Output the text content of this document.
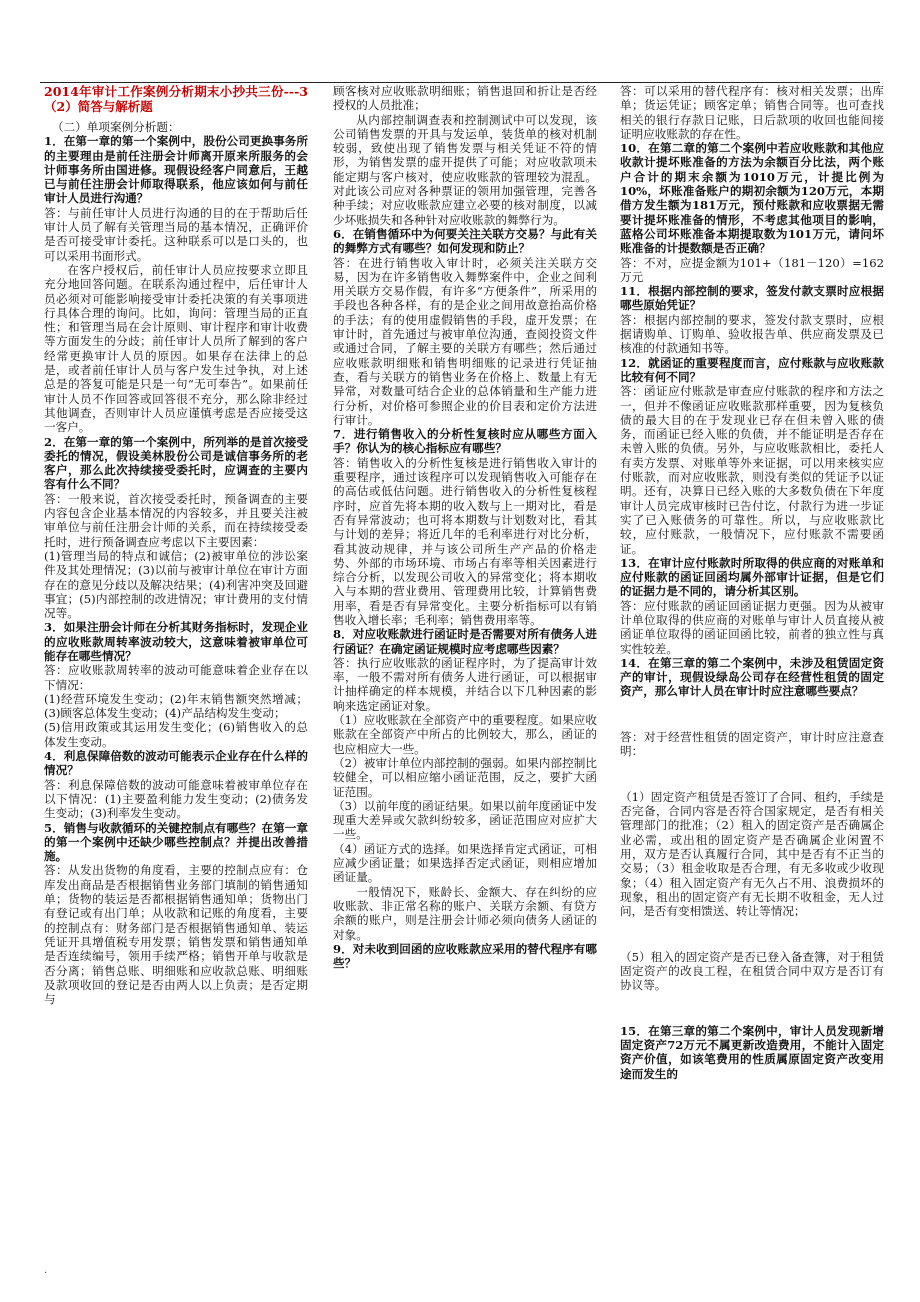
2014年审计工作案例分析期末小抄共三份---3（2）简答与解析题
（二）单项案例分析题：

1．在第一章的第一个案例中，股份公司更换事务所的主要理由是前任注册会计师离开原来所服务的会计师事务所由国进修。现假设经客户同意后，王越已与前任注册会计师取得联系，他应该如何与前任审计人员进行沟通？

答：与前任审计人员进行沟通的目的在于帮助后任审计人员了解有关管理当局的基本情况，正确评价是否可接受审计委托。这种联系可以是口头的，也可以采用书面形式。

在客户授权后，前任审计人员应按要求立即且充分地回答问题。在联系沟通过程中，后任审计人员必须对可能影响接受审计委托决策的有关事项进行具体合理的询问。比如，询问：管理当局的正直性；和管理当局在会计原则、审计程序和审计收费等方面发生的分歧；前任审计人员所了解到的客户经常更换审计人员的原因。如果存在法律上的总是，或者前任审计人员与客户发生过争执，对上述总是的答复可能是只是一句“无可奉告”。如果前任审计人员不作回答或回答很不充分，那么除非经过其他调查，否则审计人员应谨慎考虑是否应接受这一客户。

2．在第一章的第一个案例中，所列举的是首次接受委托的情况，假设美林股份公司是诚信事务所的老客户，那么此次持续接受委托时，应调查的主要内容有什么不同？

答：一般来说，首次接受委托时，预备调查的主要内容包含企业基本情况的内容较多，并且要关注被审单位与前任注册会计师的关系，而在持续接受委托时，进行预备调查应考虑以下主要因素：

(1)管理当局的特点和诚信；(2)被审单位的涉讼案件及其处理情况；(3)以前与被审计单位在审计方面存在的意见分歧以及解决结果；(4)利害冲突及回避事宜；(5)内部控制的改进情况；审计费用的支付情况等。

3．如果注册会计师在分析其财务指标时，发现企业的应收账款周转率波动较大，这意味着被审单位可能存在哪些情况？

答：应收账款周转率的波动可能意味着企业存在以下情况：

(1)经营环境发生变动；(2)年末销售额突然增减；(3)顾客总体发生变动；(4)产品结构发生变动；

(5)信用政策或其运用发生变化；(6)销售收入的总体发生变动。

4．利息保障倍数的波动可能表示企业存在什么样的情况？

答：利息保障倍数的波动可能意味着被审单位存在以下情况：(1)主要盈利能力发生变动；(2)债务发生变动；(3)利率发生变动。

5．销售与收款循环的关键控制点有哪些？在第一章的第一个案例中还缺少哪些控制点？并提出改善措施。

答：从发出货物的角度看，主要的控制点应有：仓库发出商品是否根据销售业务部门填制的销售通知单；货物的装运是否都根据销售通知单；货物出门有登记或有出门单；从收款和记账的角度看，主要的控制点有：财务部门是否根据销售通知单、装运凭证开具增值税专用发票；销售发票和销售通知单是否连续编号，领用手续严格；销售开单与收款是否分离；销售总账、明细账和应收款总账、明细账及款项收回的登记是否由两人以上负责；是否定期与

顾客核对应收账款明细账；销售退回和折让是否经授权的人员批准；

从内部控制调查表和控制测试中可以发现，该公司销售发票的开具与发运单，装货单的核对机制较弱，致使出现了销售发票与相关凭证不符的情形，为销售发票的虚开提供了可能；对应收款项未能定期与客户核对，使应收账款的管理较为混乱。对此该公司应对各种票证的领用加强管理，完善各种手续；对应收账款应建立必要的核对制度，以减少坏账损失和各种针对应收账款的舞弊行为。

6．在销售循环中为何要关注关联方交易？与此有关的舞弊方式有哪些？如何发现和防止？

答：在进行销售收入审计时，必须关注关联方交易，因为在许多销售收入舞弊案件中，企业之间利用关联方交易作假，有许多“方便条件”，所采用的手段也各种各样，有的是企业之间用故意抬高价格的手法；有的使用虚假销售的手段，虚开发票；在审计时，首先通过与被审单位沟通，查阅投资文件或通过合同，了解主要的关联方有哪些；然后通过应收账款明细账和销售明细账的记录进行凭证抽查，看与关联方的销售业务在价格上、数量上有无异常，对数量可结合企业的总体销量和生产能力进行分析，对价格可参照企业的价目表和定价方法进行审计。

7．进行销售收入的分析性复核时应从哪些方面入手？你认为的核心指标应有哪些？

答：销售收入的分析性复核是进行销售收入审计的重要程序，通过该程序可以发现销售收入可能存在的高估或低估问题。进行销售收入的分析性复核程序时，应首先将本期的收入数与上一期对比，看是否有异常波动；也可将本期数与计划数对比，看其与计划的差异；将近几年的毛利率进行对比分析，看其波动规律，并与该公司所生产产品的价格走势、外部的市场环境、市场占有率等相关因素进行综合分析，以发现公司收入的异常变化；将本期收入与本期的营业费用、管理费用比较，计算销售费用率，看是否有异常变化。主要分析指标可以有销售收入增长率；毛利率；销售费用率等。

8．对应收账款进行函证时是否需要对所有债务人进行函证？在确定函证规模时应考虑哪些因素？

答：执行应收账款的函证程序时，为了提高审计效率，一般不需对所有债务人进行函证，可以根据审计抽样确定的样本规模，并结合以下几种因素的影响来选定函证对象。

（1）应收账款在全部资产中的重要程度。如果应收账款在全部资产中所占的比例较大，那么，函证的也应相应大一些。

（2）被审计单位内部控制的强弱。如果内部控制比较健全，可以相应缩小函证范围，反之，要扩大函证范围。

（3）以前年度的函证结果。如果以前年度函证中发现重大差异或欠款纠纷较多，函证范围应对应扩大一些。

（4）函证方式的选择。如果选择肯定式函证，可相应减少函证量；如果选择否定式函证，则相应增加函证量。

一般情况下，账龄长、金额大、存在纠纷的应收账款、非正常名称的账户、关联方余额、有贷方余额的账户，则是注册会计师必须向债务人函证的对象。

9．对未收到回函的应收账款应采用的替代程序有哪些？

答：可以采用的替代程序有：核对相关发票；出库单；货运凭证；顾客定单；销售合同等。也可查找相关的银行存款日记账，日后款项的收回也能间接证明应收账款的存在性。

10．在第二章的第二个案例中若应收账款和其他应收款计提坏账准备的方法为余额百分比法，两个账户合计的期末余额为1010万元，计提比例为10%，坏账准备账户的期初余额为120万元，本期借方发生额为181万元，预付账款和应收票据无需要计提坏账准备的情形，不考虑其他项目的影响，蓝格公司坏账准备本期提取数为101万元，请问坏账准备的计提数额是否正确？

答：不对，应提金额为101+（181－120）=162万元

11．根据内部控制的要求，签发付款支票时应根据哪些原始凭证？

答：根据内部控制的要求，签发付款支票时，应根据请购单、订购单、验收报告单、供应商发票及已核准的付款通知书等。

12．就函证的重要程度而言，应付账款与应收账款比较有何不同？

答：函证应付账款是审查应付账款的程序和方法之一，但并不像函证应收账款那样重要，因为复核负债的最大目的在于发现业已存在但未曾入账的债务，而函证已经入账的负债，并不能证明是否存在未曾入账的负债。另外，与应收账款相比，委托人有卖方发票、对账单等外来证据，可以用来核实应付账款，而对应收账款，则没有类似的凭证予以证明。还有，决算日已经入账的大多数负债在下年度审计人员完成审核时已告付讫，付款行为进一步证实了已入账债务的可靠性。所以，与应收账款比较，应付账款，一般情况下，应付账款不需要函证。

13．在审计应付账款时所取得的供应商的对账单和应付账款的函证回函均属外部审计证据，但是它们的证据力是不同的，请分析其区别。

答：应付账款的函证回函证据力更强。因为从被审计单位取得的供应商的对账单与审计人员直接从被函证单位取得的函证回函比较，前者的独立性与真实性较差。

14．在第三章的第二个案例中，未涉及租赁固定资产的审计，现假设绿岛公司存在经营性租赁的固定资产，那么审计人员在审计时应注意哪些要点？

答：对于经营性租赁的固定资产，审计时应注意查明：

（1）固定资产租赁是否签订了合同、租约，手续是否完备，合同内容是否符合国家规定，是否有相关管理部门的批准；（2）租入的固定资产是否确属企业必需，或出租的固定资产是否确属企业闲置不用，双方是否认真履行合同，其中是否有不正当的交易；（3）租金收取是否合理，有无多收或少收现象；（4）租入固定资产有无久占不用、浪费损坏的现象，租出的固定资产有无长期不收租金，无人过问，是否有变相馈送、转让等情况；

（5）租入的固定资产是否已登入备查簿，对于租赁固定资产的改良工程，在租赁合同中双方是否订有协议等。

15．在第三章的第二个案例中，审计人员发现新增固定资产72万元不属更新改造费用，不能计入固定资产价值，如该笔费用的性质属原固定资产改变用途而发生的

.
